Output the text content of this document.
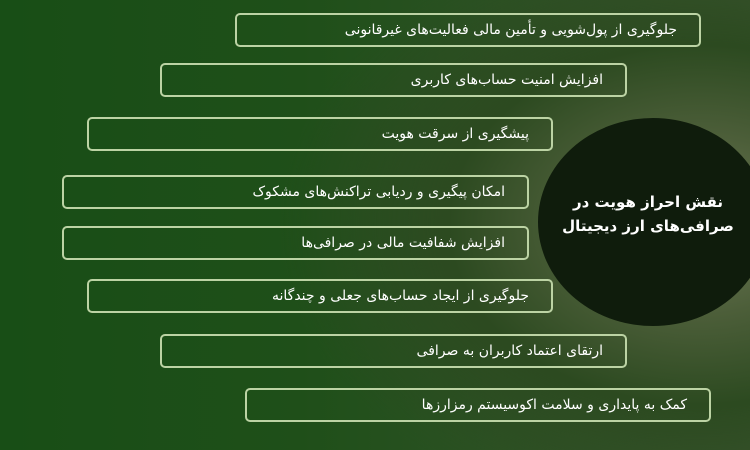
نقش احراز هویت در
صرافی‌های ارز دیجیتال
جلوگیری از پول‌شویی و تأمین مالی فعالیت‌های غیرقانونی
افزایش امنیت حساب‌های کاربری
پیشگیری از سرقت هویت
امکان پیگیری و ردیابی تراکنش‌های مشکوک
افزایش شفافیت مالی در صرافی‌ها
جلوگیری از ایجاد حساب‌های جعلی و چندگانه
ارتقای اعتماد کاربران به صرافی
کمک به پایداری و سلامت اکوسیستم رمزارزها
